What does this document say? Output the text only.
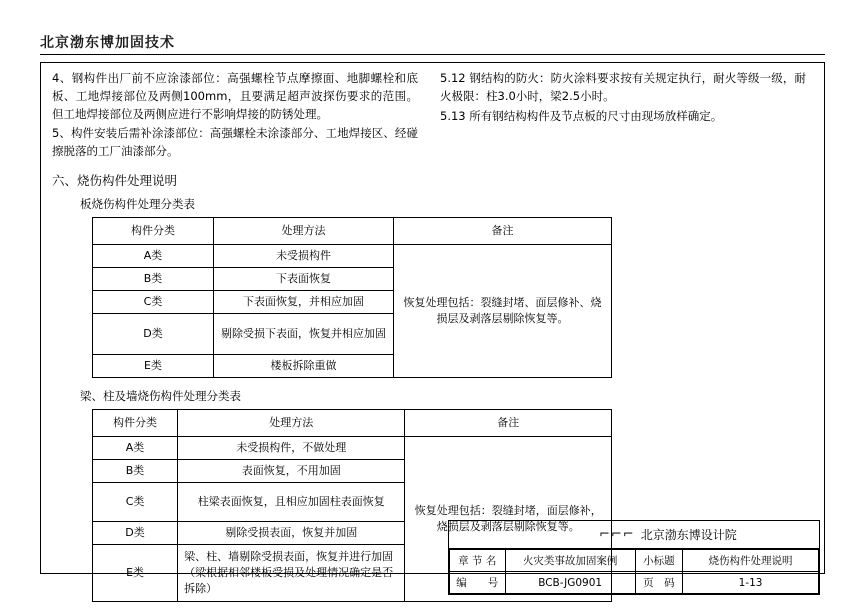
北京渤东博加固技术

4、钢构件出厂前不应涂漆部位：高强螺栓节点摩擦面、地脚螺栓和底板、工地焊接部位及两侧100mm，且要满足超声波探伤要求的范围。但工地焊接部位及两侧应进行不影响焊接的防锈处理。

5、构件安装后需补涂漆部位：高强螺栓未涂漆部分、工地焊接区、经碰擦脱落的工厂油漆部分。

5.12 钢结构的防火：防火涂料要求按有关规定执行，耐火等级一级，耐火极限：柱3.0小时，梁2.5小时。

5.13 所有钢结构构件及节点板的尺寸由现场放样确定。

六、烧伤构件处理说明
板烧伤构件处理分类表
构件分类	处理方法	备注
A类	未受损构件	恢复处理包括：裂缝封堵、面层修补、烧损层及剥落层剔除恢复等。
B类	下表面恢复	
C类	下表面恢复，并相应加固	
D类	剔除受损下表面，恢复并相应加固	
E类	楼板拆除重做	
梁、柱及墙烧伤构件处理分类表
构件分类	处理方法	备注
A类	未受损构件，不做处理	恢复处理包括：裂缝封堵，面层修补，烧损层及剥落层剔除恢复等。
B类	表面恢复，不用加固	
C类	柱梁表面恢复，且相应加固柱表面恢复	
D类	剔除受损表面，恢复并加固	
E类	梁、柱、墙剔除受损表面，恢复并进行加固（梁根据相邻楼板受损及处理情况确定是否拆除）	
⌐⌐⌐ 北京渤东博设计院
章 节 名	火灾类事故加固案例	小标题	烧伤构件处理说明
编　　号	BCB-JG0901	页　码	1-13
